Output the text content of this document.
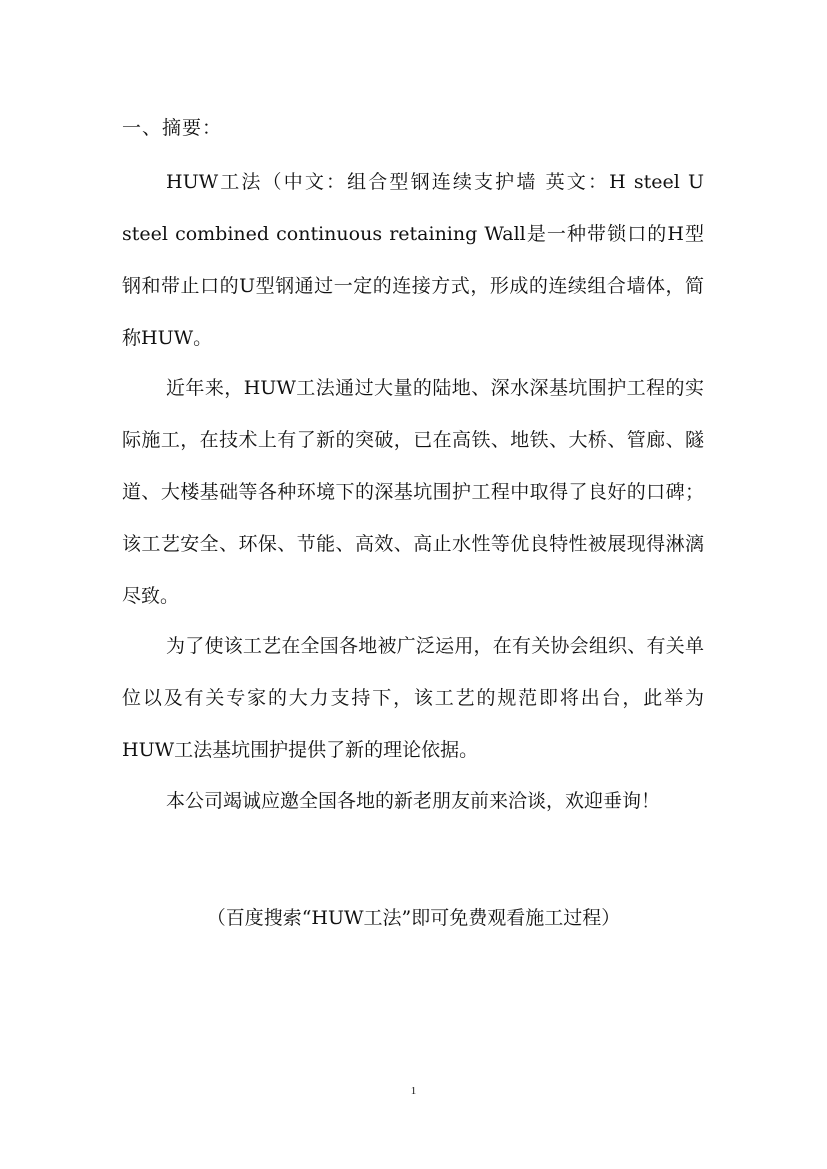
一、摘要：

HUW工法（中文：组合型钢连续支护墙 英文：H steel U steel combined continuous retaining Wall是一种带锁口的H型钢和带止口的U型钢通过一定的连接方式，形成的连续组合墙体，简称HUW。

近年来，HUW工法通过大量的陆地、深水深基坑围护工程的实际施工，在技术上有了新的突破，已在高铁、地铁、大桥、管廊、隧道、大楼基础等各种环境下的深基坑围护工程中取得了良好的口碑；该工艺安全、环保、节能、高效、高止水性等优良特性被展现得淋漓尽致。

为了使该工艺在全国各地被广泛运用，在有关协会组织、有关单位以及有关专家的大力支持下，该工艺的规范即将出台，此举为HUW工法基坑围护提供了新的理论依据。

本公司竭诚应邀全国各地的新老朋友前来洽谈，欢迎垂询！

（百度搜索“HUW工法”即可免费观看施工过程）
1
